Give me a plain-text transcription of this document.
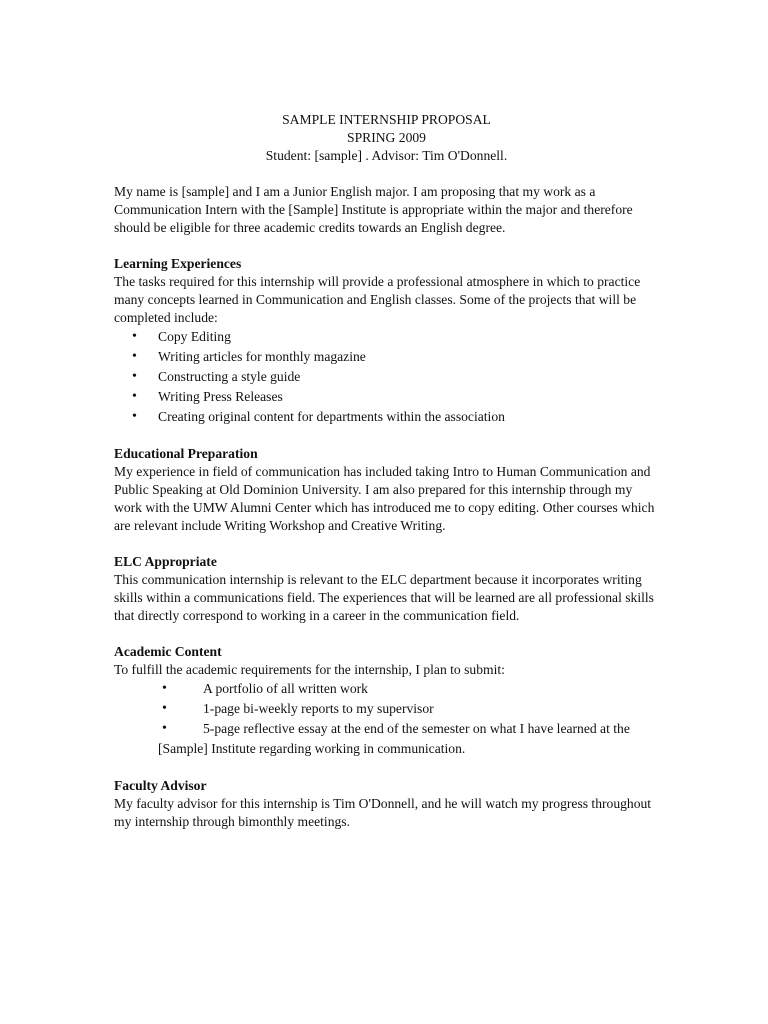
SAMPLE INTERNSHIP PROPOSAL
SPRING 2009
Student: [sample] . Advisor: Tim O'Donnell.

My name is [sample] and I am a Junior English major. I am proposing that my work as a Communication Intern with the [Sample] Institute is appropriate within the major and therefore should be eligible for three academic credits towards an English degree.

Learning Experiences

The tasks required for this internship will provide a professional atmosphere in which to practice many concepts learned in Communication and English classes. Some of the projects that will be completed include:

• Copy Editing
• Writing articles for monthly magazine
• Constructing a style guide
• Writing Press Releases
• Creating original content for departments within the association
Educational Preparation

My experience in field of communication has included taking Intro to Human Communication and Public Speaking at Old Dominion University. I am also prepared for this internship through my work with the UMW Alumni Center which has introduced me to copy editing. Other courses which are relevant include Writing Workshop and Creative Writing.

ELC Appropriate

This communication internship is relevant to the ELC department because it incorporates writing skills within a communications field. The experiences that will be learned are all professional skills that directly correspond to working in a career in the communication field.

Academic Content

To fulfill the academic requirements for the internship, I plan to submit:

• A portfolio of all written work
• 1-page bi-weekly reports to my supervisor
• 5-page reflective essay at the end of the semester on what I have learned at the [Sample] Institute regarding working in communication.
Faculty Advisor

My faculty advisor for this internship is Tim O'Donnell, and he will watch my progress throughout my internship through bimonthly meetings.
